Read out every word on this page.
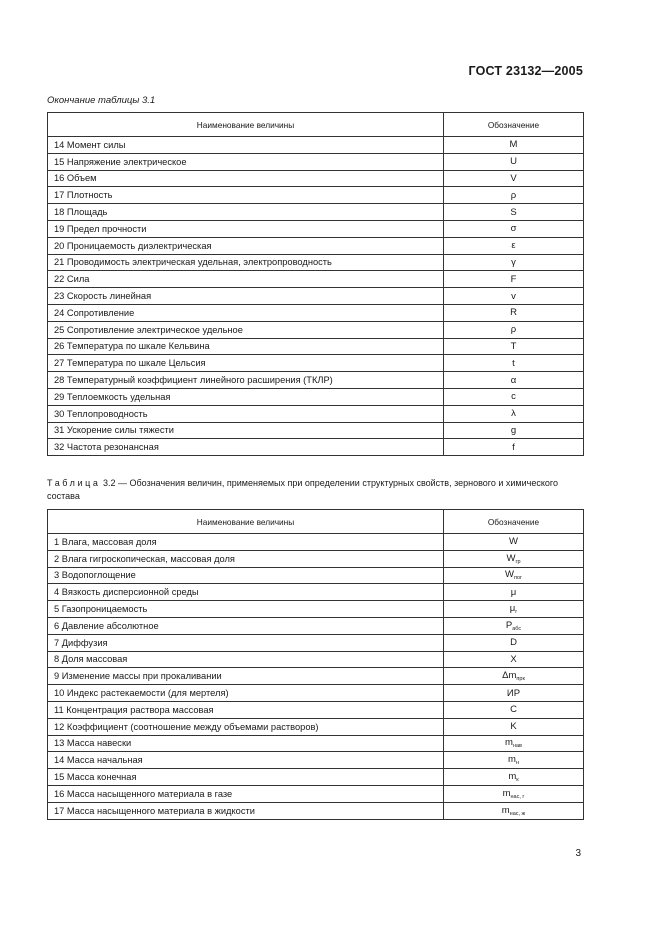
ГОСТ 23132—2005
Окончание таблицы 3.1
Наименование величины	Обозначение
14 Момент силы	M
15 Напряжение электрическое	U
16 Объем	V
17 Плотность	ρ
18 Площадь	S
19 Предел прочности	σ
20 Проницаемость диэлектрическая	ε
21 Проводимость электрическая удельная, электропроводность	γ
22 Сила	F
23 Скорость линейная	v
24 Сопротивление	R
25 Сопротивление электрическое удельное	ρ
26 Температура по шкале Кельвина	T
27 Температура по шкале Цельсия	t
28 Температурный коэффициент линейного расширения (ТКЛР)	α
29 Теплоемкость удельная	c
30 Теплопроводность	λ
31 Ускорение силы тяжести	g
32 Частота резонансная	f
Таблица 3.2 — Обозначения величин, применяемых при определении структурных свойств, зернового и химического состава
Наименование величины	Обозначение
1 Влага, массовая доля	W
2 Влага гигроскопическая, массовая доля	$W_{гр}$
3 Водопоглощение	$W_{пог}$
4 Вязкость дисперсионной среды	μ
5 Газопроницаемость	$\mu_г$
6 Давление абсолютное	$P_{абс}$
7 Диффузия	D
8 Доля массовая	X
9 Изменение массы при прокаливании	$\Delta m_{прк}$
10 Индекс растекаемости (для мертеля)	ИР
11 Концентрация раствора массовая	C
12 Коэффициент (соотношение между объемами растворов)	K
13 Масса навески	$m_{нав}$
14 Масса начальная	$m_н$
15 Масса конечная	$m_к$
16 Масса насыщенного материала в газе	$m_{нас, г}$
17 Масса насыщенного материала в жидкости	$m_{нас, ж}$
3
